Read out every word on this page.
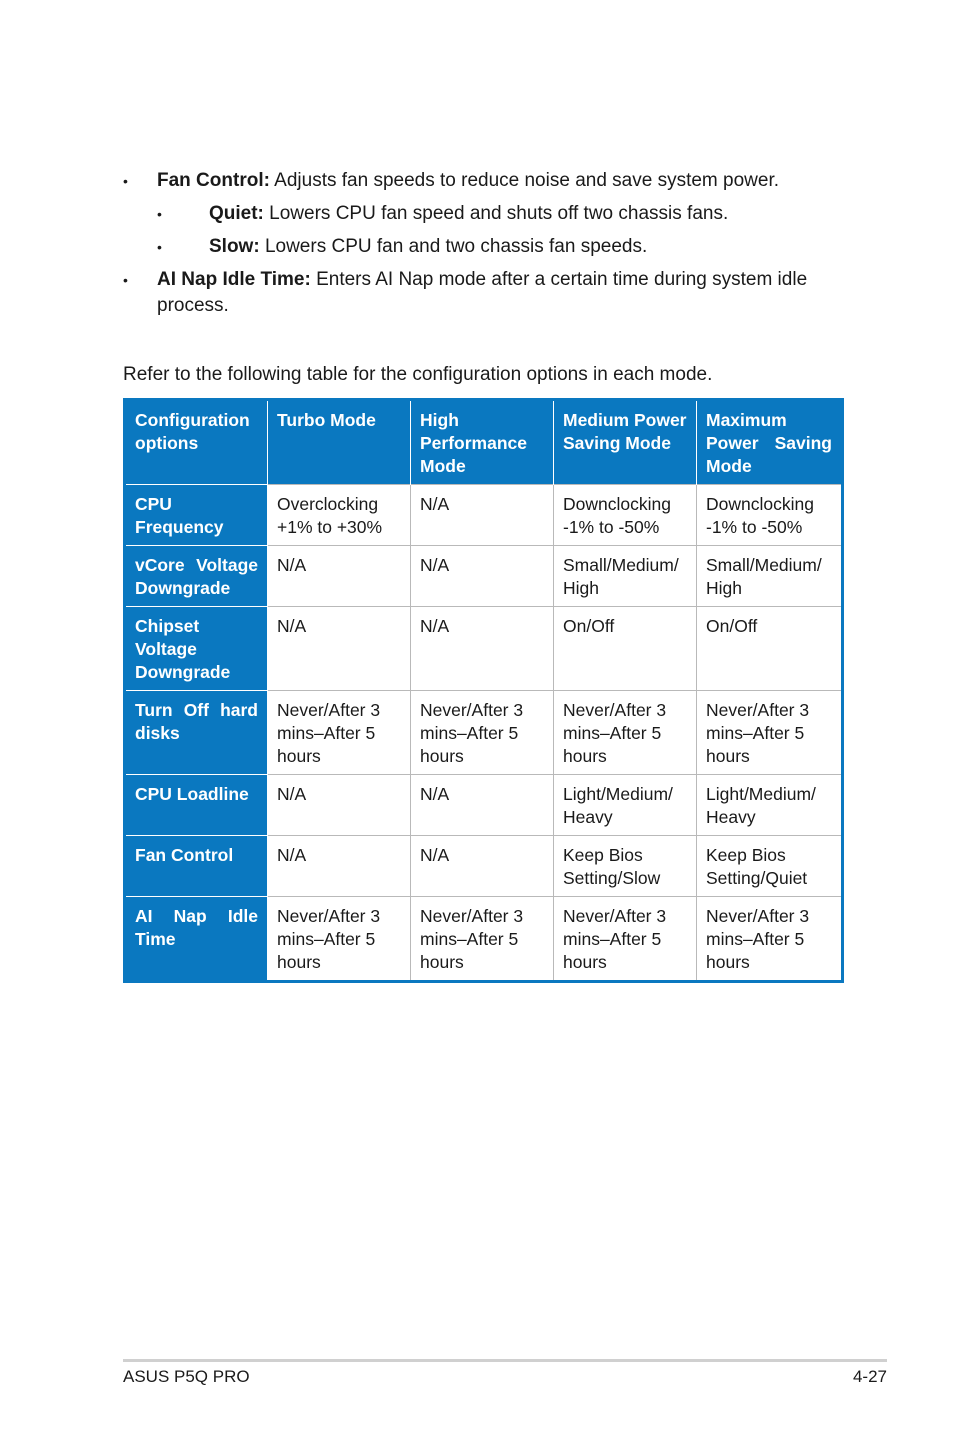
• Fan Control: Adjusts fan speeds to reduce noise and save system power.
• Quiet: Lowers CPU fan speed and shuts off two chassis fans.
• Slow: Lowers CPU fan and two chassis fan speeds.
• AI Nap Idle Time: Enters AI Nap mode after a certain time during system idle process.
Refer to the following table for the configuration options in each mode.
Configuration options	Turbo Mode	High Performance Mode	Medium Power Saving Mode	Maximum Power Saving Mode
CPU Frequency	Overclocking +1% to +30%	N/A	Downclocking -1% to -50%	Downclocking -1% to -50%
vCore Voltage Downgrade	N/A	N/A	Small/Medium/ High	Small/Medium/ High
Chipset Voltage Downgrade	N/A	N/A	On/Off	On/Off
Turn Off hard disks	Never/After 3 mins–After 5 hours	Never/After 3 mins–After 5 hours	Never/After 3 mins–After 5 hours	Never/After 3 mins–After 5 hours
CPU Loadline	N/A	N/A	Light/Medium/ Heavy	Light/Medium/ Heavy
Fan Control	N/A	N/A	Keep Bios Setting/Slow	Keep Bios Setting/Quiet
AI Nap Idle Time	Never/After 3 mins–After 5 hours	Never/After 3 mins–After 5 hours	Never/After 3 mins–After 5 hours	Never/After 3 mins–After 5 hours
ASUS P5Q PRO	4-27
